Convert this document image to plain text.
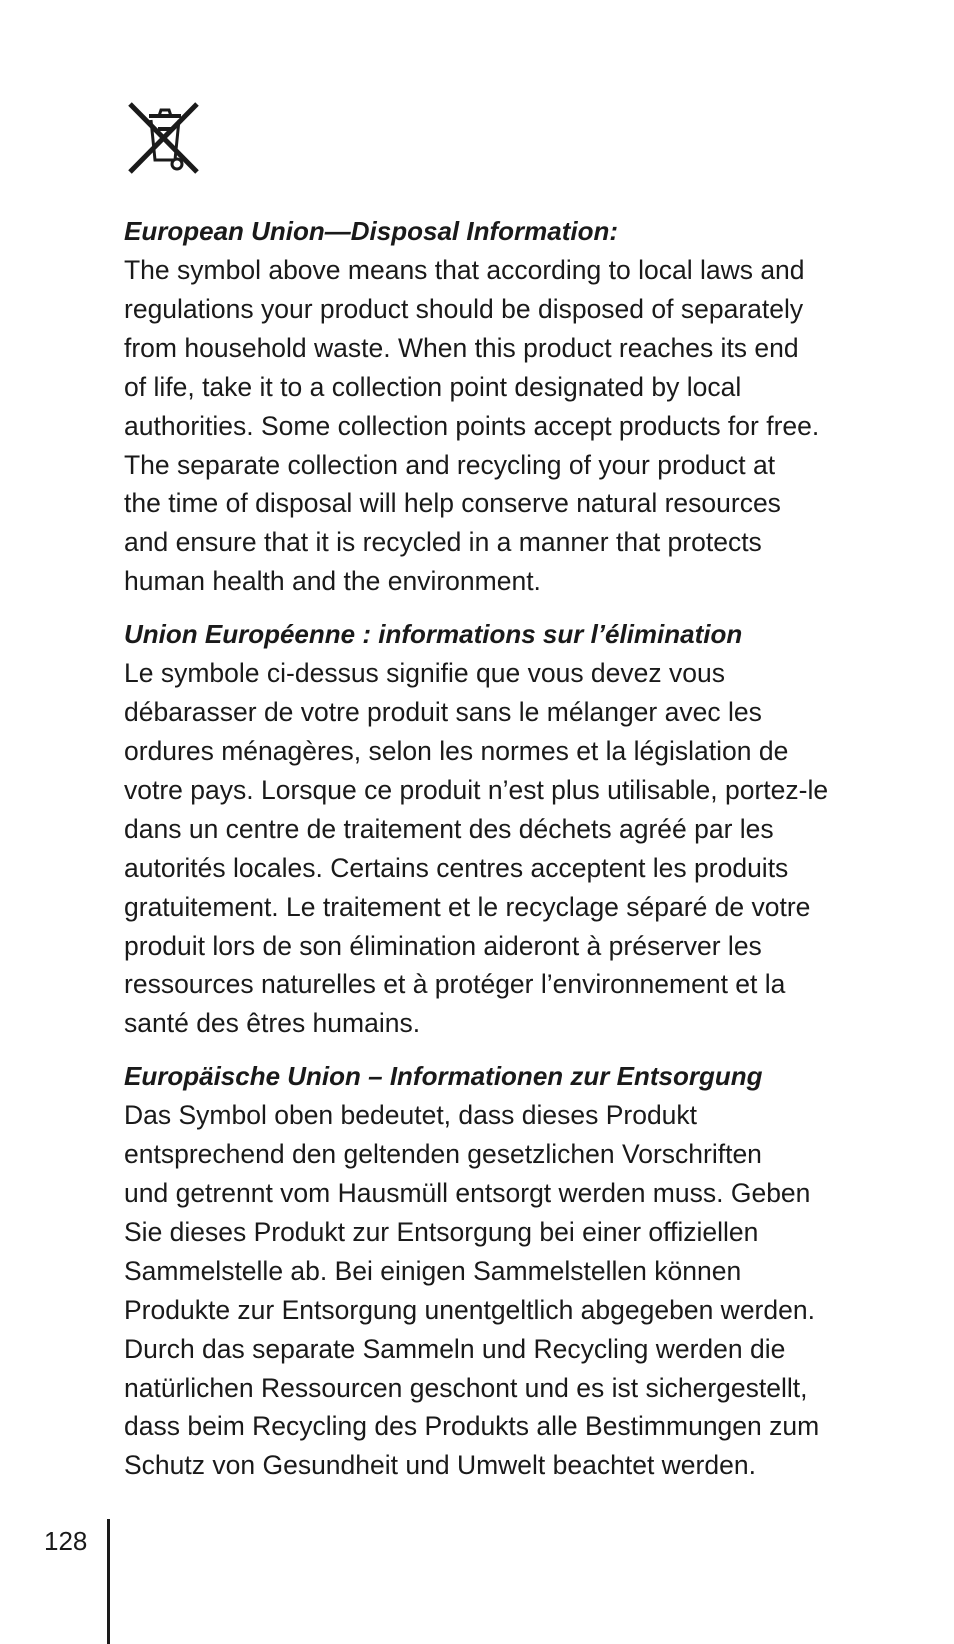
European Union—Disposal Information:

The symbol above means that according to local laws and
regulations your product should be disposed of separately
from household waste. When this product reaches its end
of life, take it to a collection point designated by local
authorities. Some collection points accept products for free.
The separate collection and recycling of your product at
the time of disposal will help conserve natural resources
and ensure that it is recycled in a manner that protects
human health and the environment.

Union Européenne : informations sur l’élimination

Le symbole ci-dessus signifie que vous devez vous
débarasser de votre produit sans le mélanger avec les
ordures ménagères, selon les normes et la législation de
votre pays. Lorsque ce produit n’est plus utilisable, portez-le
dans un centre de traitement des déchets agréé par les
autorités locales. Certains centres acceptent les produits
gratuitement. Le traitement et le recyclage séparé de votre
produit lors de son élimination aideront à préserver les
ressources naturelles et à protéger l’environnement et la
santé des êtres humains.

Europäische Union – Informationen zur Entsorgung

Das Symbol oben bedeutet, dass dieses Produkt
entsprechend den geltenden gesetzlichen Vorschriften
und getrennt vom Hausmüll entsorgt werden muss. Geben
Sie dieses Produkt zur Entsorgung bei einer offiziellen
Sammelstelle ab. Bei einigen Sammelstellen können
Produkte zur Entsorgung unentgeltlich abgegeben werden.
Durch das separate Sammeln und Recycling werden die
natürlichen Ressourcen geschont und es ist sichergestellt,
dass beim Recycling des Produkts alle Bestimmungen zum
Schutz von Gesundheit und Umwelt beachtet werden.
128
